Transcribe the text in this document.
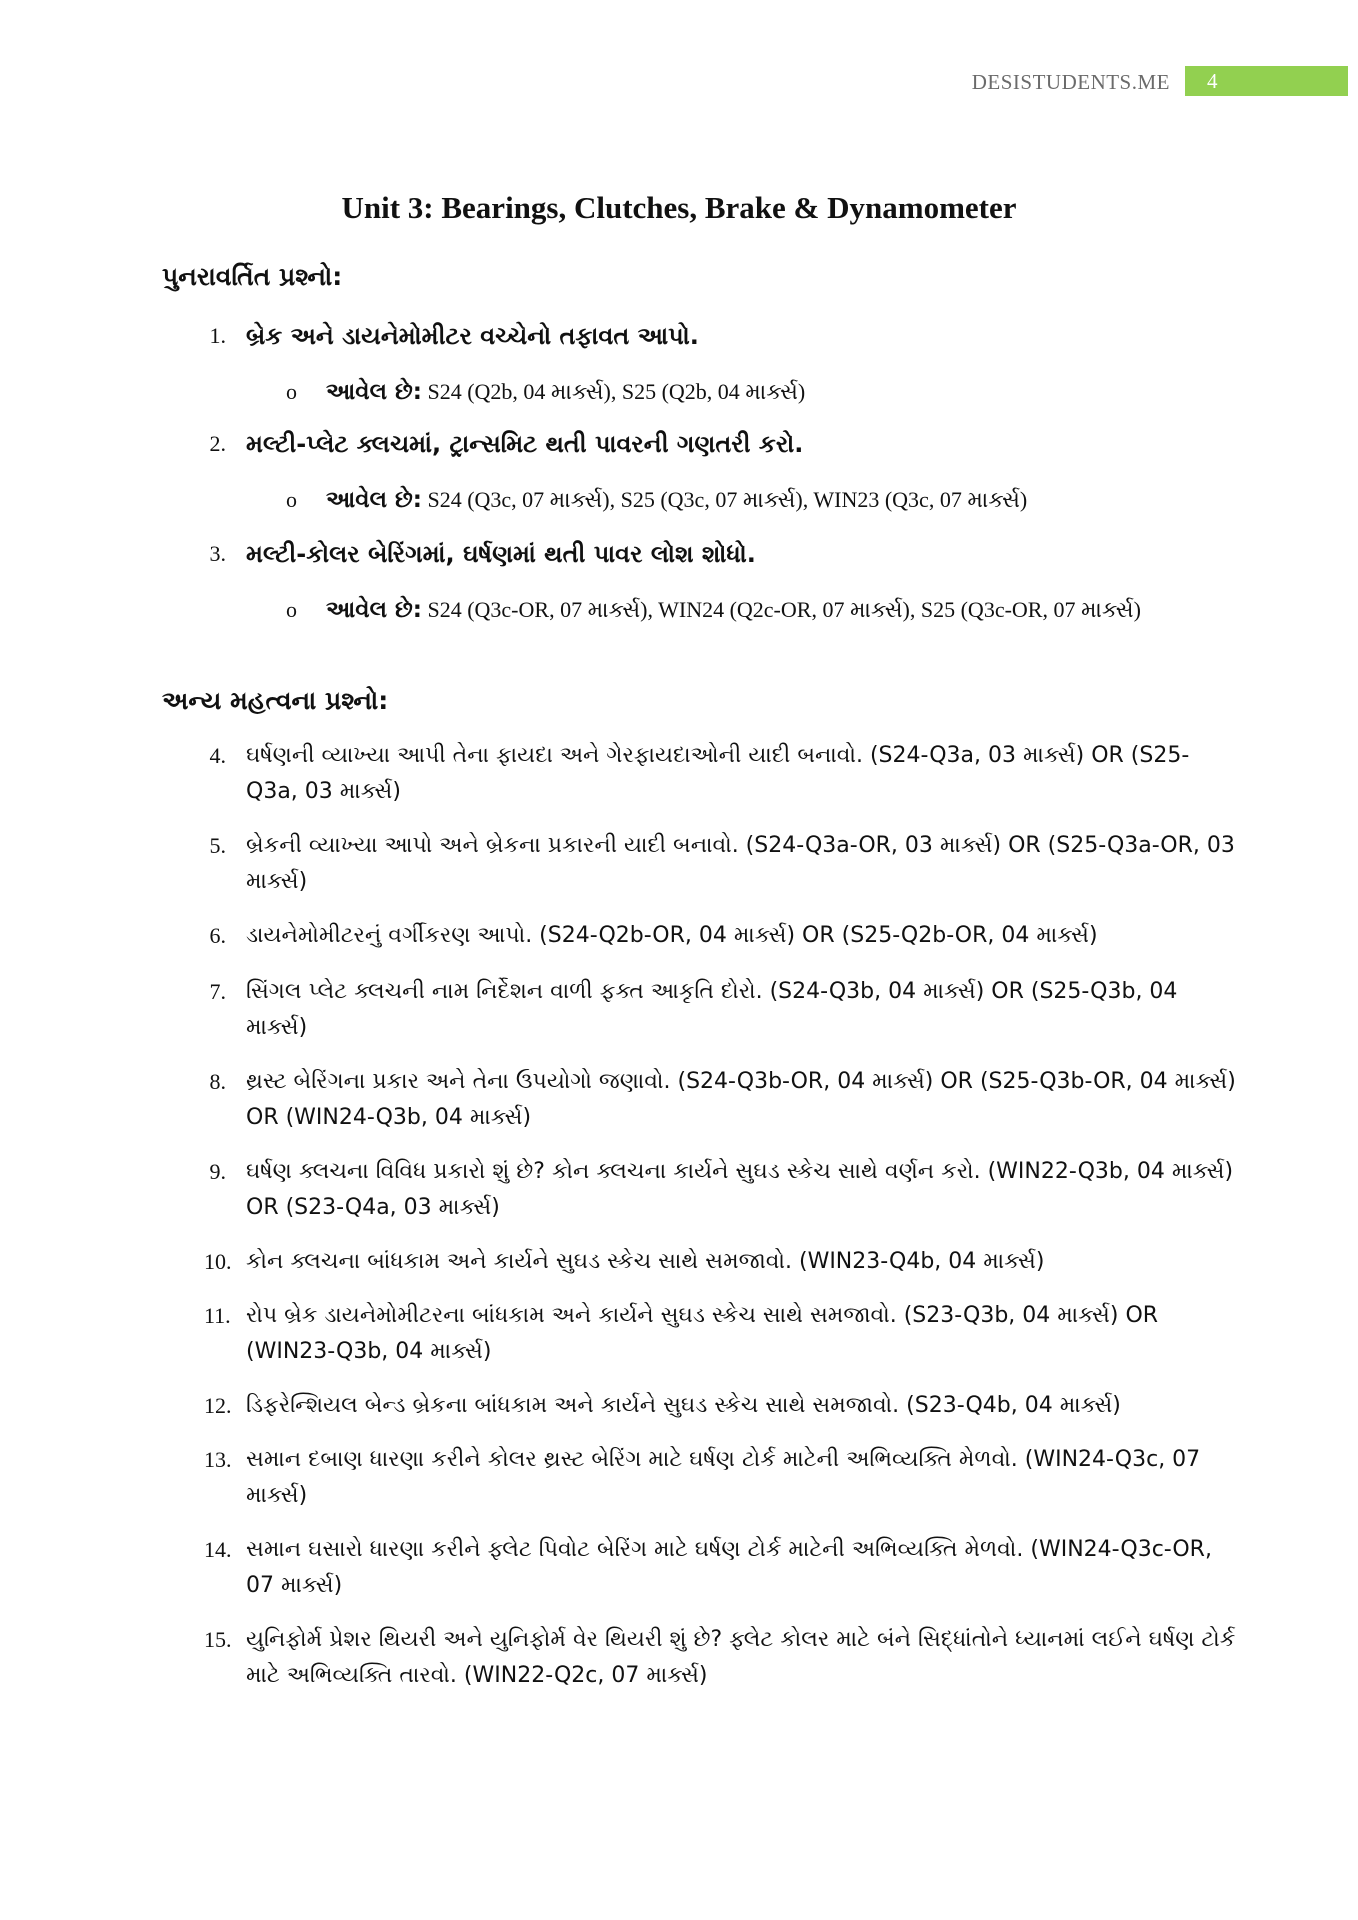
DESISTUDENTS.ME	4
Unit 3: Bearings, Clutches, Brake & Dynamometer
પુનરાવર્તિત પ્રશ્નો:
1. બ્રેક અને ડાયનેમોમીટર વચ્ચેનો તફાવત આપો.
o આવેલ છે: S24 (Q2b, 04 માર્ક્સ), S25 (Q2b, 04 માર્ક્સ)
2. મલ્ટી-પ્લેટ ક્લચમાં, ટ્રાન્સમિટ થતી પાવરની ગણતરી કરો.
o આવેલ છે: S24 (Q3c, 07 માર્ક્સ), S25 (Q3c, 07 માર્ક્સ), WIN23 (Q3c, 07 માર્ક્સ)
3. મલ્ટી-કોલર બેરિંગમાં, ઘર્ષણમાં થતી પાવર લોશ શોધો.
o આવેલ છે: S24 (Q3c-OR, 07 માર્ક્સ), WIN24 (Q2c-OR, 07 માર્ક્સ), S25 (Q3c-OR, 07 માર્ક્સ)
અન્ય મહત્વના પ્રશ્નો:
4. ઘર્ષણની વ્યાખ્યા આપી તેના ફાયદા અને ગેરફાયદાઓની યાદી બનાવો. (S24-Q3a, 03 માર્ક્સ) OR (S25-Q3a, 03 માર્ક્સ)
5. બ્રેકની વ્યાખ્યા આપો અને બ્રેકના પ્રકારની યાદી બનાવો. (S24-Q3a-OR, 03 માર્ક્સ) OR (S25-Q3a-OR, 03 માર્ક્સ)
6. ડાયનેમોમીટરનું વર્ગીકરણ આપો. (S24-Q2b-OR, 04 માર્ક્સ) OR (S25-Q2b-OR, 04 માર્ક્સ)
7. સિંગલ પ્લેટ ક્લચની નામ નિર્દેશન વાળી ફક્ત આકૃતિ દોરો. (S24-Q3b, 04 માર્ક્સ) OR (S25-Q3b, 04 માર્ક્સ)
8. થ્રસ્ટ બેરિંગના પ્રકાર અને તેના ઉપયોગો જણાવો. (S24-Q3b-OR, 04 માર્ક્સ) OR (S25-Q3b-OR, 04 માર્ક્સ) OR (WIN24-Q3b, 04 માર્ક્સ)
9. ઘર્ષણ ક્લચના વિવિધ પ્રકારો શું છે? કોન ક્લચના કાર્યને સુઘડ સ્કેચ સાથે વર્ણન કરો. (WIN22-Q3b, 04 માર્ક્સ) OR (S23-Q4a, 03 માર્ક્સ)
10. કોન ક્લચના બાંધકામ અને કાર્યને સુઘડ સ્કેચ સાથે સમજાવો. (WIN23-Q4b, 04 માર્ક્સ)
11. રોપ બ્રેક ડાયનેમોમીટરના બાંધકામ અને કાર્યને સુઘડ સ્કેચ સાથે સમજાવો. (S23-Q3b, 04 માર્ક્સ) OR (WIN23-Q3b, 04 માર્ક્સ)
12. ડિફરેન્શિયલ બેન્ડ બ્રેકના બાંધકામ અને કાર્યને સુઘડ સ્કેચ સાથે સમજાવો. (S23-Q4b, 04 માર્ક્સ)
13. સમાન દબાણ ધારણા કરીને કોલર થ્રસ્ટ બેરિંગ માટે ઘર્ષણ ટોર્ક માટેની અભિવ્યક્તિ મેળવો. (WIN24-Q3c, 07 માર્ક્સ)
14. સમાન ઘસારો ધારણા કરીને ફ્લેટ પિવોટ બેરિંગ માટે ઘર્ષણ ટોર્ક માટેની અભિવ્યક્તિ મેળવો. (WIN24-Q3c-OR, 07 માર્ક્સ)
15. યુનિફોર્મ પ્રેશર થિયરી અને યુનિફોર્મ વેર થિયરી શું છે? ફ્લેટ કોલર માટે બંને સિદ્ધાંતોને ધ્યાનમાં લઈને ઘર્ષણ ટોર્ક માટે અભિવ્યક્તિ તારવો. (WIN22-Q2c, 07 માર્ક્સ)
